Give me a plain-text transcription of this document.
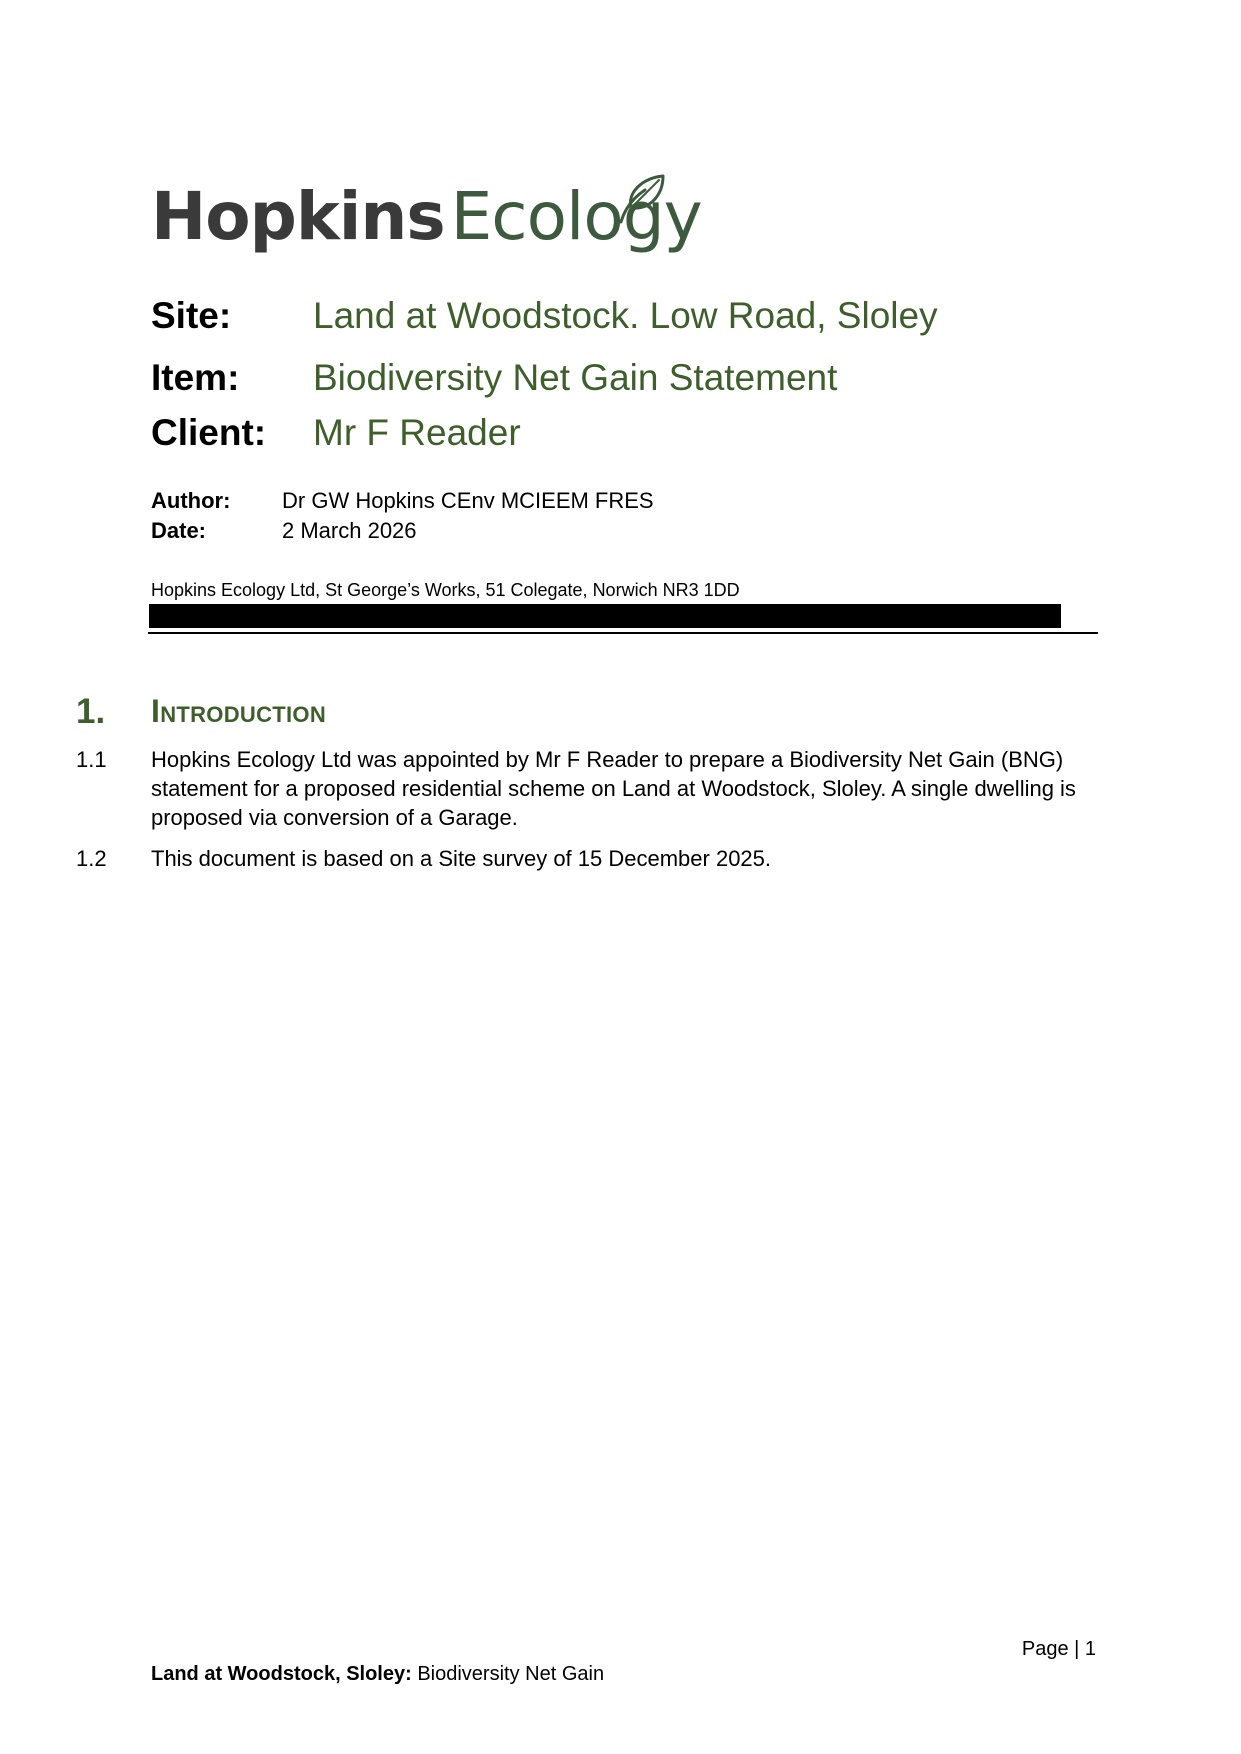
Hopkins Ecology
Site:	Land at Woodstock. Low Road, Sloley
Item:	Biodiversity Net Gain Statement
Client:	Mr F Reader
Author:	Dr GW Hopkins CEnv MCIEEM FRES
Date:	2 March 2026
Hopkins Ecology Ltd, St George’s Works, 51 Colegate, Norwich NR3 1DD
1. Introduction
1.1 Hopkins Ecology Ltd was appointed by Mr F Reader to prepare a Biodiversity Net Gain (BNG) statement for a proposed residential scheme on Land at Woodstock, Sloley. A single dwelling is proposed via conversion of a Garage.
1.2 This document is based on a Site survey of 15 December 2025.
Page | 1
Land at Woodstock, Sloley: Biodiversity Net Gain
